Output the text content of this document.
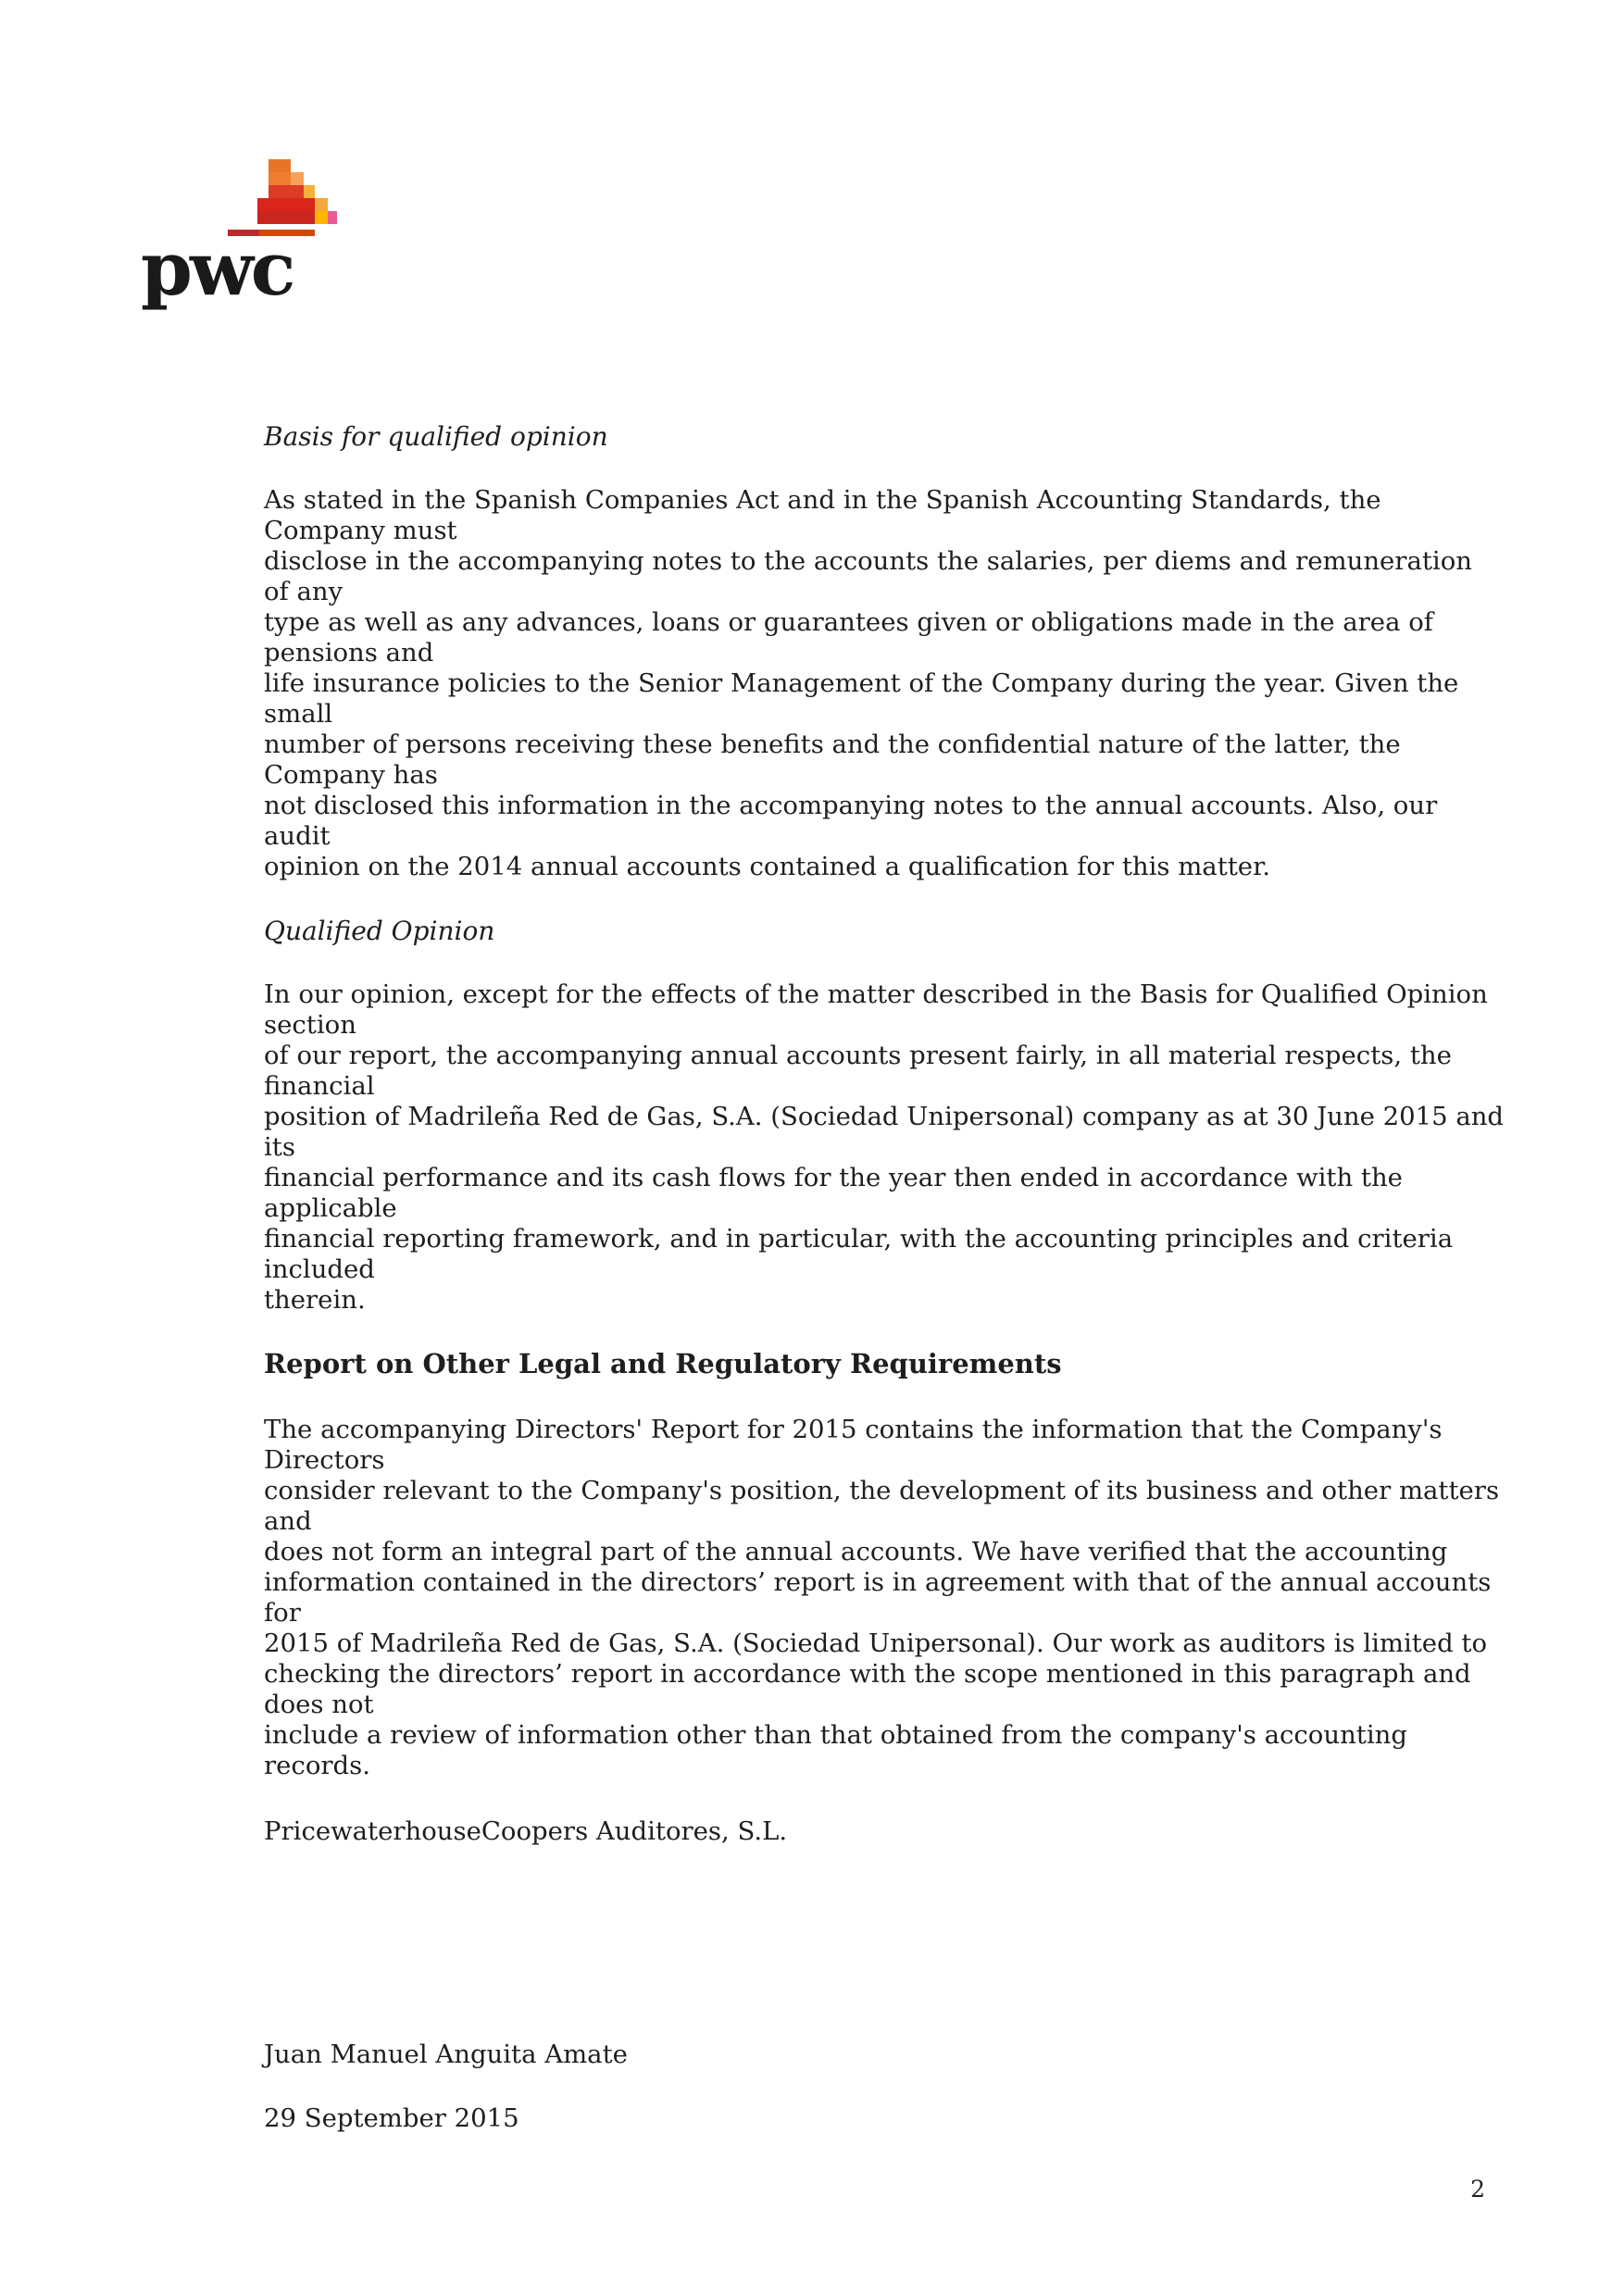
pwc

Basis for qualified opinion

As stated in the Spanish Companies Act and in the Spanish Accounting Standards, the Company must
disclose in the accompanying notes to the accounts the salaries, per diems and remuneration of any
type as well as any advances, loans or guarantees given or obligations made in the area of pensions and
life insurance policies to the Senior Management of the Company during the year. Given the small
number of persons receiving these benefits and the confidential nature of the latter, the Company has
not disclosed this information in the accompanying notes to the annual accounts. Also, our audit
opinion on the 2014 annual accounts contained a qualification for this matter.

Qualified Opinion

In our opinion, except for the effects of the matter described in the Basis for Qualified Opinion section
of our report, the accompanying annual accounts present fairly, in all material respects, the financial
position of Madrileña Red de Gas, S.A. (Sociedad Unipersonal) company as at 30 June 2015 and its
financial performance and its cash flows for the year then ended in accordance with the applicable
financial reporting framework, and in particular, with the accounting principles and criteria included
therein.

Report on Other Legal and Regulatory Requirements

The accompanying Directors' Report for 2015 contains the information that the Company's Directors
consider relevant to the Company's position, the development of its business and other matters and
does not form an integral part of the annual accounts. We have verified that the accounting
information contained in the directors’ report is in agreement with that of the annual accounts for
2015 of Madrileña Red de Gas, S.A. (Sociedad Unipersonal). Our work as auditors is limited to
checking the directors’ report in accordance with the scope mentioned in this paragraph and does not
include a review of information other than that obtained from the company's accounting records.

PricewaterhouseCoopers Auditores, S.L.

Juan Manuel Anguita Amate

29 September 2015

2
